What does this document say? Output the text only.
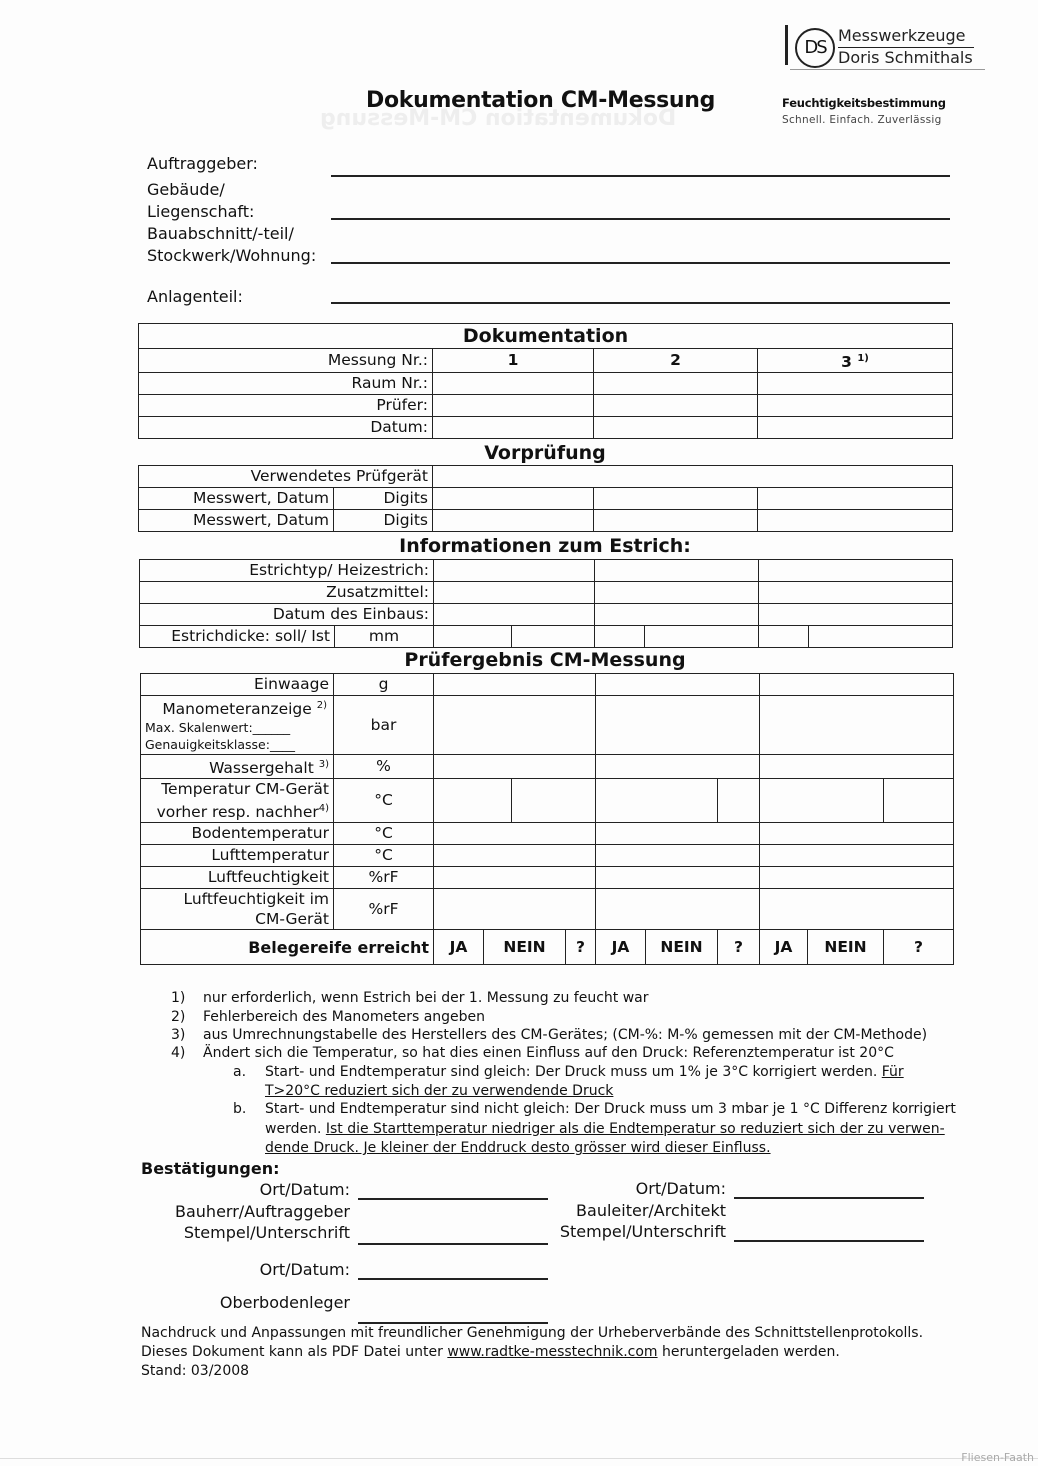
Dokumentation CM-Messung
DS
Messwerkzeuge
Doris Schmithals
Dokumentation CM-Messung	Feuchtigkeitsbestimmung
Schnell. Einfach. Zuverlässig
Auftraggeber:
Gebäude/
Liegenschaft:
Bauabschnitt/-teil/
Stockwerk/Wohnung:
Anlagenteil:
Dokumentation			
Messung Nr.:	1	2	3 $^{1)}$
Raum Nr.:			
Prüfer:			
Datum:			
Vorprüfung
Verwendetes Prüfgerät				
Messwert, Datum	Digits			
Messwert, Datum	Digits			
Informationen zum Estrich:
Estrichtyp/ Heizestrich:							
Zusatzmittel:							
Datum des Einbaus:							
Estrichdicke: soll/ Ist	mm						
Prüfergebnis CM-Messung
Einwaage	g										

Manometeranzeige $^{2)}$
Max. Skalenwert:______
Genauigkeitsklasse:____	bar										
Wassergehalt $^{3)}$	%										

Temperatur CM-Gerät
vorher resp. nachher$^{4)}$	°C										
Bodentemperatur	°C										
Lufttemperatur	°C										
Luftfeuchtigkeit	%rF										

Luftfeuchtigkeit im
CM-Gerät	%rF										
Belegereife erreicht		JA	NEIN		?	JA	NEIN	?	JA	NEIN	?
1) nur erforderlich, wenn Estrich bei der 1. Messung zu feucht war
2) Fehlerbereich des Manometers angeben
3) aus Umrechnungstabelle des Herstellers des CM-Gerätes; (CM-%: M-% gemessen mit der CM-Methode)
4) Ändert sich die Temperatur, so hat dies einen Einfluss auf den Druck: Referenztemperatur ist 20°C
a. Start- und Endtemperatur sind gleich: Der Druck muss um 1% je 3°C korrigiert werden. Für
T>20°C reduziert sich der zu verwendende Druck
b. Start- und Endtemperatur sind nicht gleich: Der Druck muss um 3 mbar je 1 °C Differenz korrigiert
werden. Ist die Starttemperatur niedriger als die Endtemperatur so reduziert sich der zu verwen-
dende Druck. Je kleiner der Enddruck desto grösser wird dieser Einfluss.
Bestätigungen:
Ort/Datum:
Bauherr/Auftraggeber
Stempel/Unterschrift
Ort/Datum:
Bauleiter/Architekt
Stempel/Unterschrift
Ort/Datum:
Oberbodenleger
Nachdruck und Anpassungen mit freundlicher Genehmigung der Urheberverbände des Schnittstellenprotokolls.
Dieses Dokument kann als PDF Datei unter www.radtke-messtechnik.com heruntergeladen werden.
Stand: 03/2008
Fliesen-Faath
